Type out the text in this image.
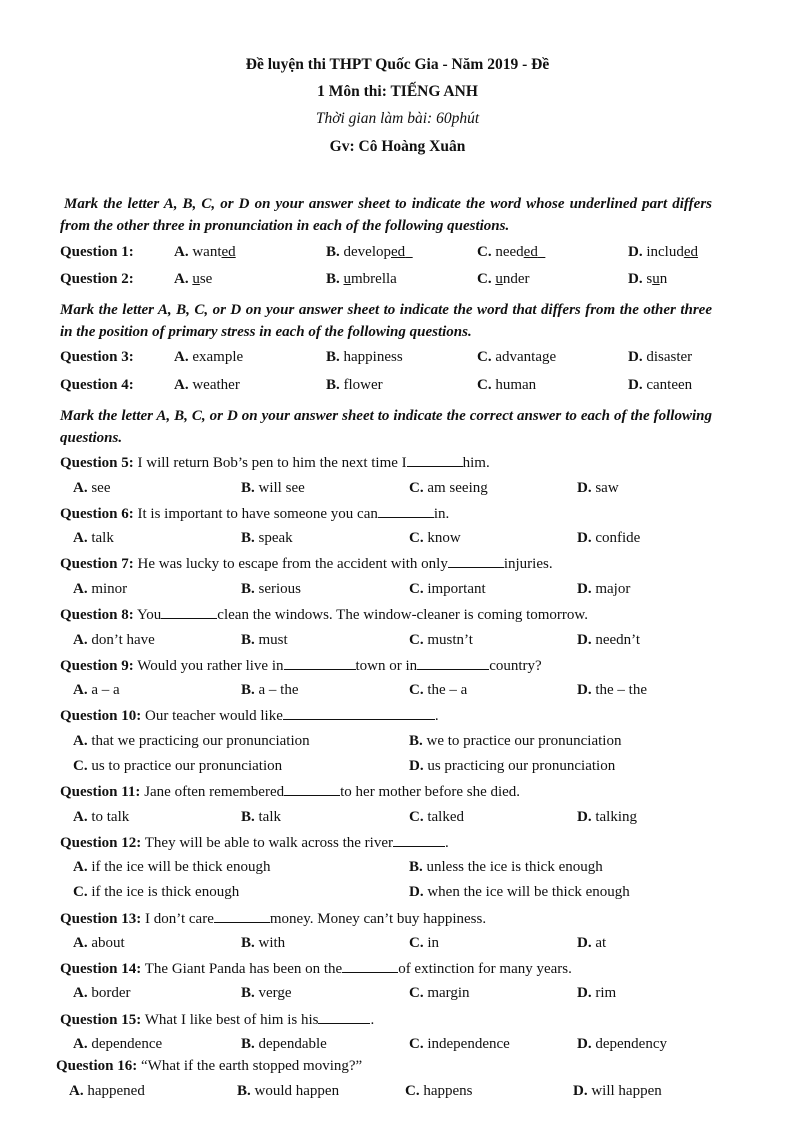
Đề luyện thi THPT Quốc Gia - Năm 2019 - Đề
1 Môn thi: TIẾNG ANH
Thời gian làm bài: 60phút
Gv: Cô Hoàng Xuân
Mark the letter A, B, C, or D on your answer sheet to indicate the word whose underlined part differs from the other three in pronunciation in each of the following questions.
Question 1:	A. wanted	B. developed	C. needed	D. included
Question 2:	A. use	B. umbrella	C. under	D. sun
Mark the letter A, B, C, or D on your answer sheet to indicate the word that differs from the other three in the position of primary stress in each of the following questions.
Question 3:	A. example	B. happiness	C. advantage	D. disaster
Question 4:	A. weather	B. flower	C. human	D. canteen
Mark the letter A, B, C, or D on your answer sheet to indicate the correct answer to each of the following questions.
Question 5: I will return Bob’s pen to him the next time I	him.
A. see	B. will see	C. am seeing	D. saw
Question 6: It is important to have someone you can	in.
A. talk	B. speak	C. know	D. confide
Question 7: He was lucky to escape from the accident with only	injuries.
A. minor	B. serious	C. important	D. major
Question 8: You	clean the windows. The window-cleaner is coming tomorrow.
A. don’t have	B. must	C. mustn’t	D. needn’t
Question 9: Would you rather live in	town or in	country?
A. a – a	B. a – the	C. the – a	D. the – the
Question 10: Our teacher would like	.
A. that we practicing our pronunciation	B. we to practice our pronunciation
C. us to practice our pronunciation	D. us practicing our pronunciation
Question 11: Jane often remembered	to her mother before she died.
A. to talk	B. talk	C. talked	D. talking
Question 12: They will be able to walk across the river	.
A. if the ice will be thick enough	B. unless the ice is thick enough
C. if the ice is thick enough	D. when the ice will be thick enough
Question 13: I don’t care	money. Money can’t buy happiness.
A. about	B. with	C. in	D. at
Question 14: The Giant Panda has been on the	of extinction for many years.
A. border	B. verge	C. margin	D. rim
Question 15: What I like best of him is his	.
A. dependence	B. dependable	C. independence	D. dependency
Question 16: “What if the earth stopped moving?”
A. happened	B. would happen	C. happens	D. will happen
